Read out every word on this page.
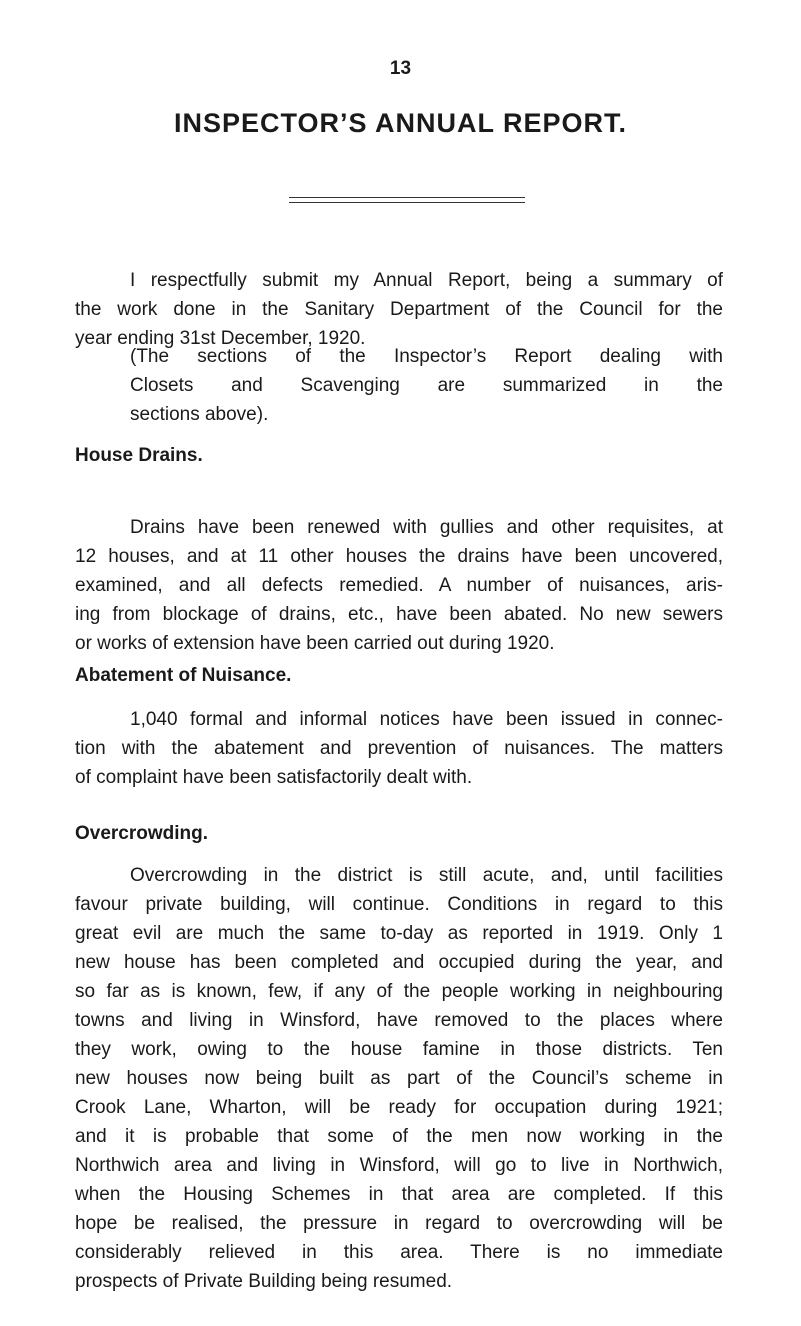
13
INSPECTOR’S ANNUAL REPORT.
I respectfully submit my Annual Report, being a summary of
the work done in the Sanitary Department of the Council for the
year ending 31st December, 1920.
(The sections of the Inspector’s Report dealing with
Closets and Scavenging are summarized in the
sections above).
House Drains.
Drains have been renewed with gullies and other requisites, at
12 houses, and at 11 other houses the drains have been uncovered,
examined, and all defects remedied. A number of nuisances, aris-
ing from blockage of drains, etc., have been abated. No new sewers
or works of extension have been carried out during 1920.
Abatement of Nuisance.
1,040 formal and informal notices have been issued in connec-
tion with the abatement and prevention of nuisances. The matters
of complaint have been satisfactorily dealt with.
Overcrowding.
Overcrowding in the district is still acute, and, until facilities
favour private building, will continue. Conditions in regard to this
great evil are much the same to-day as reported in 1919. Only 1
new house has been completed and occupied during the year, and
so far as is known, few, if any of the people working in neighbouring
towns and living in Winsford, have removed to the places where
they work, owing to the house famine in those districts. Ten
new houses now being built as part of the Council’s scheme in
Crook Lane, Wharton, will be ready for occupation during 1921;
and it is probable that some of the men now working in the
Northwich area and living in Winsford, will go to live in Northwich,
when the Housing Schemes in that area are completed. If this
hope be realised, the pressure in regard to overcrowding will be
considerably relieved in this area. There is no immediate
prospects of Private Building being resumed.
